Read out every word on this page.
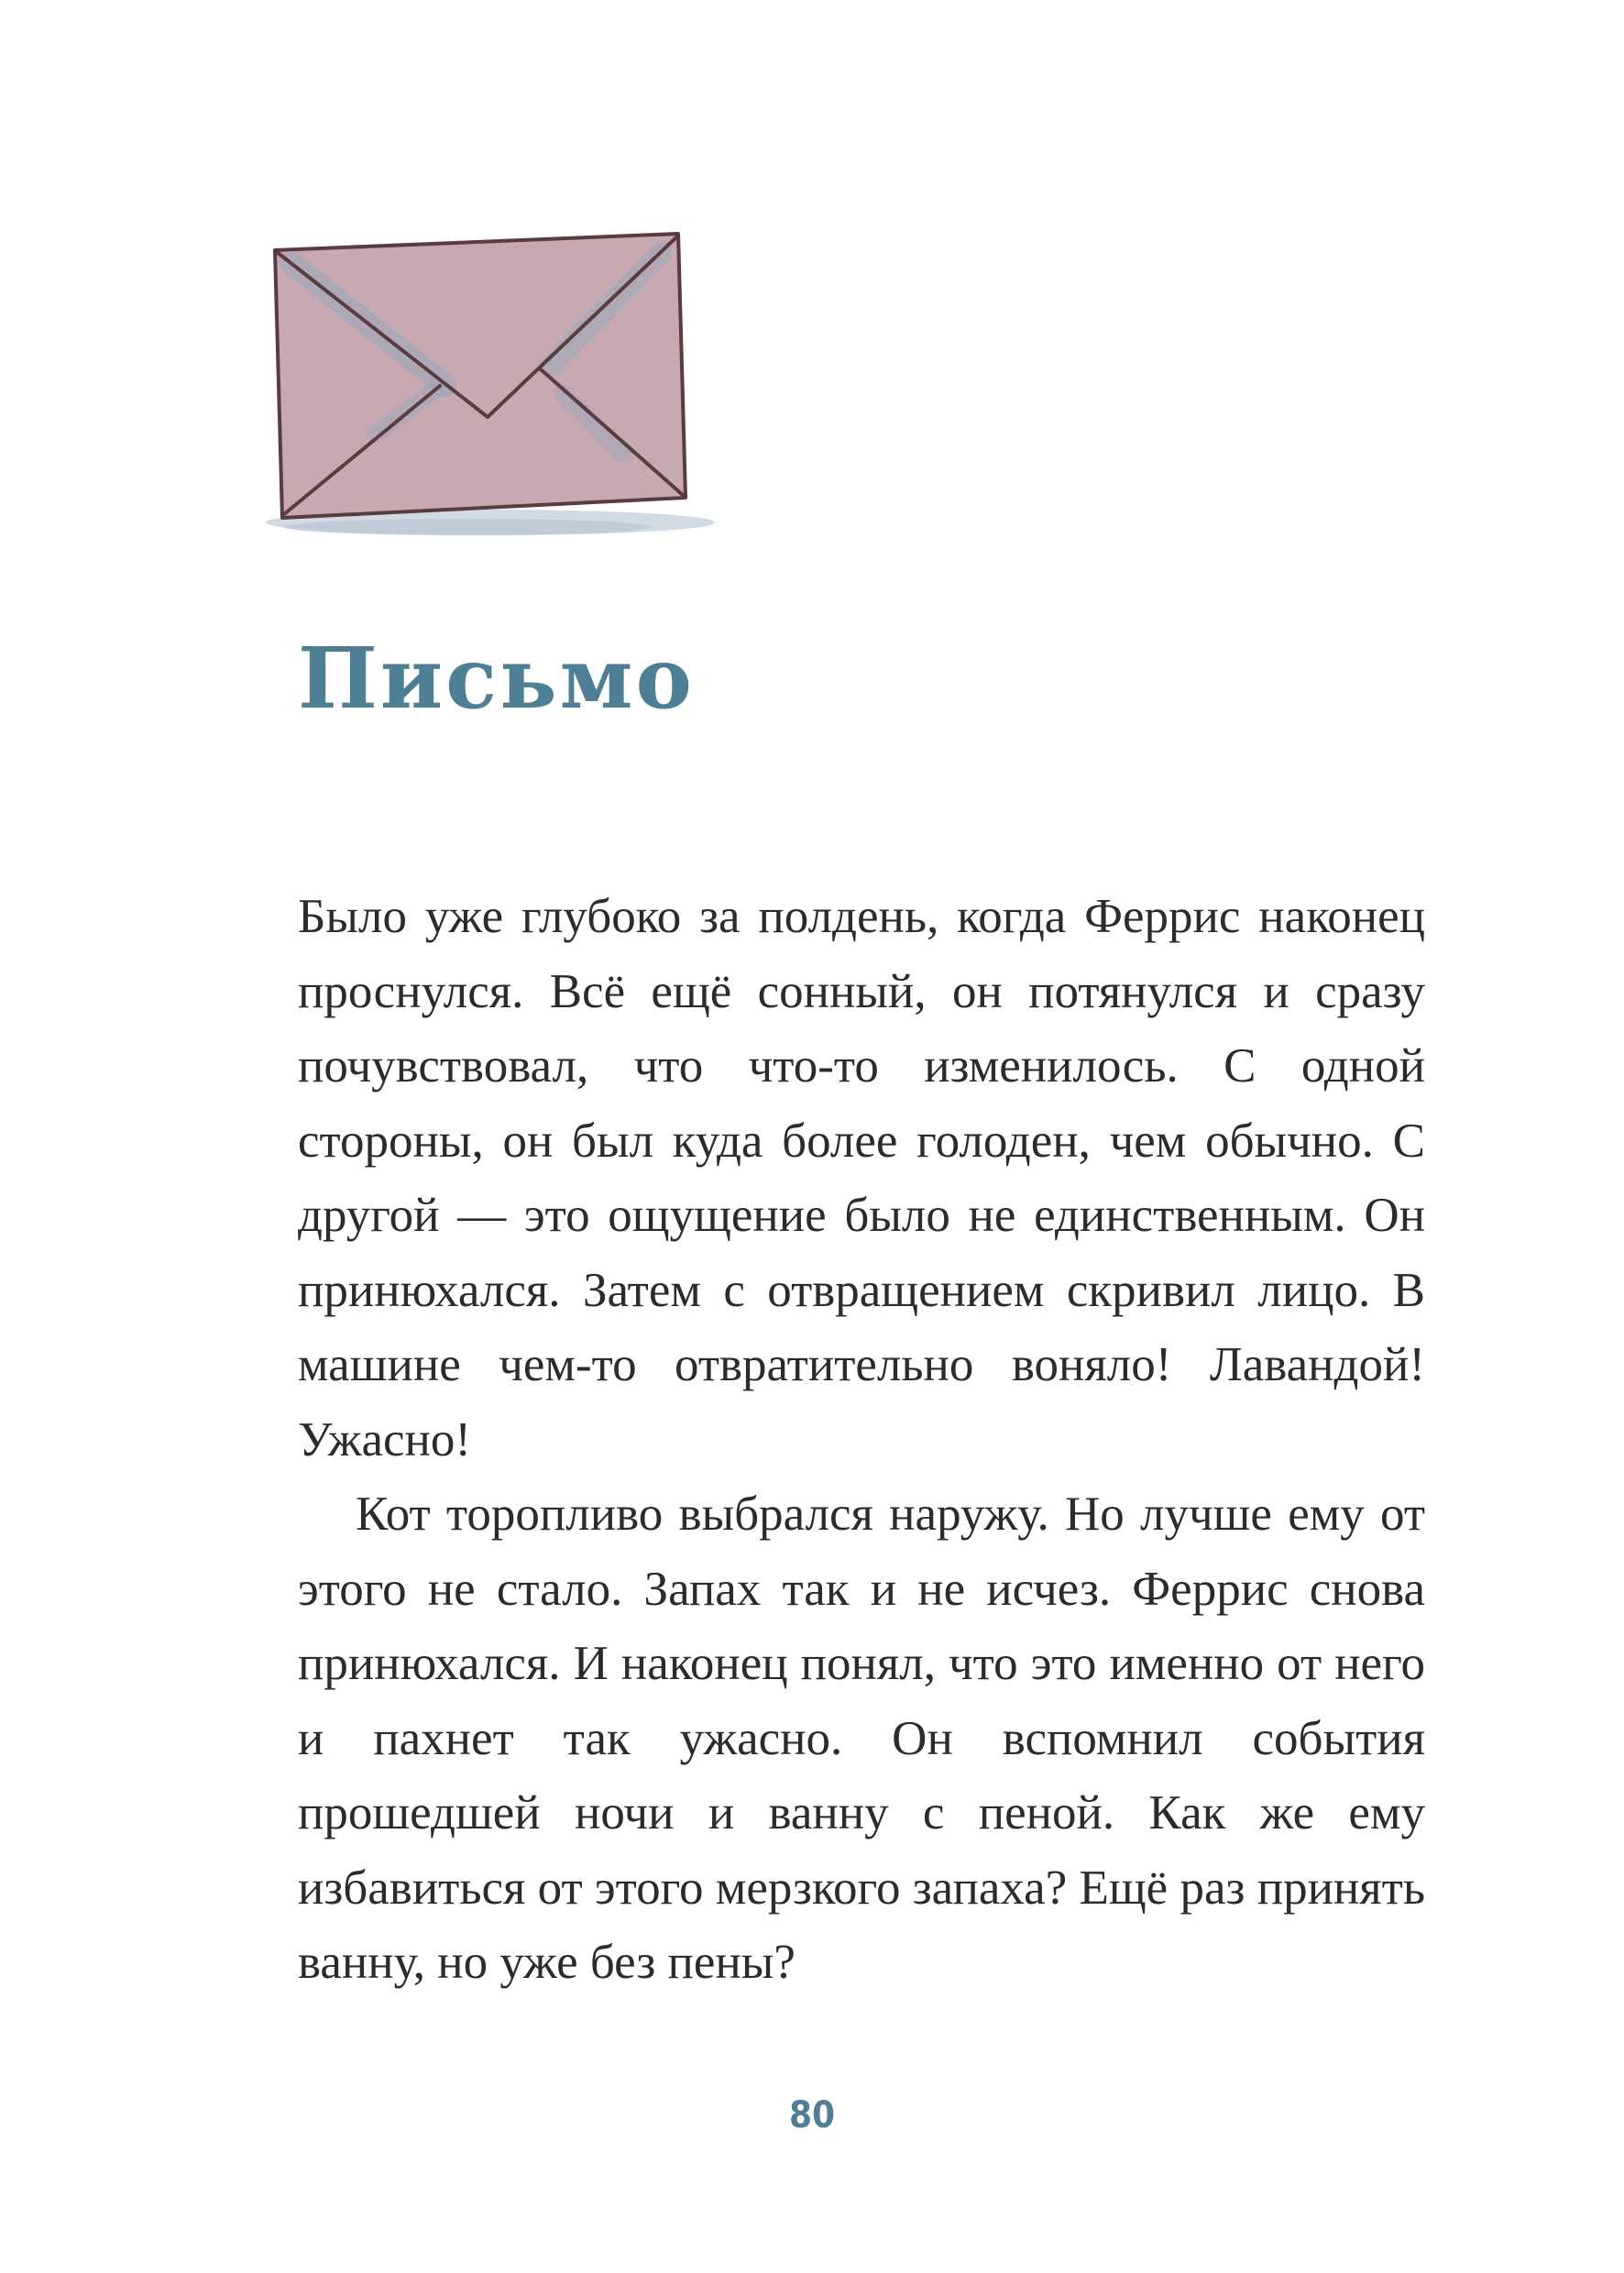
Письмо

Было уже глубоко за полдень, когда Феррис наконец проснулся. Всё ещё сонный, он потянулся и сразу почувствовал, что что-то изменилось. С одной стороны, он был куда более голоден, чем обычно. С другой — это ощущение было не единственным. Он принюхался. Затем с отвращением скривил лицо. В машине чем-то отвратительно воняло! Лавандой! Ужасно!

Кот торопливо выбрался наружу. Но лучше ему от этого не стало. Запах так и не исчез. Феррис снова принюхался. И наконец понял, что это именно от него и пахнет так ужасно. Он вспомнил события прошедшей ночи и ванну с пеной. Как же ему избавиться от этого мерзкого запаха? Ещё раз принять ванну, но уже без пены?

80
